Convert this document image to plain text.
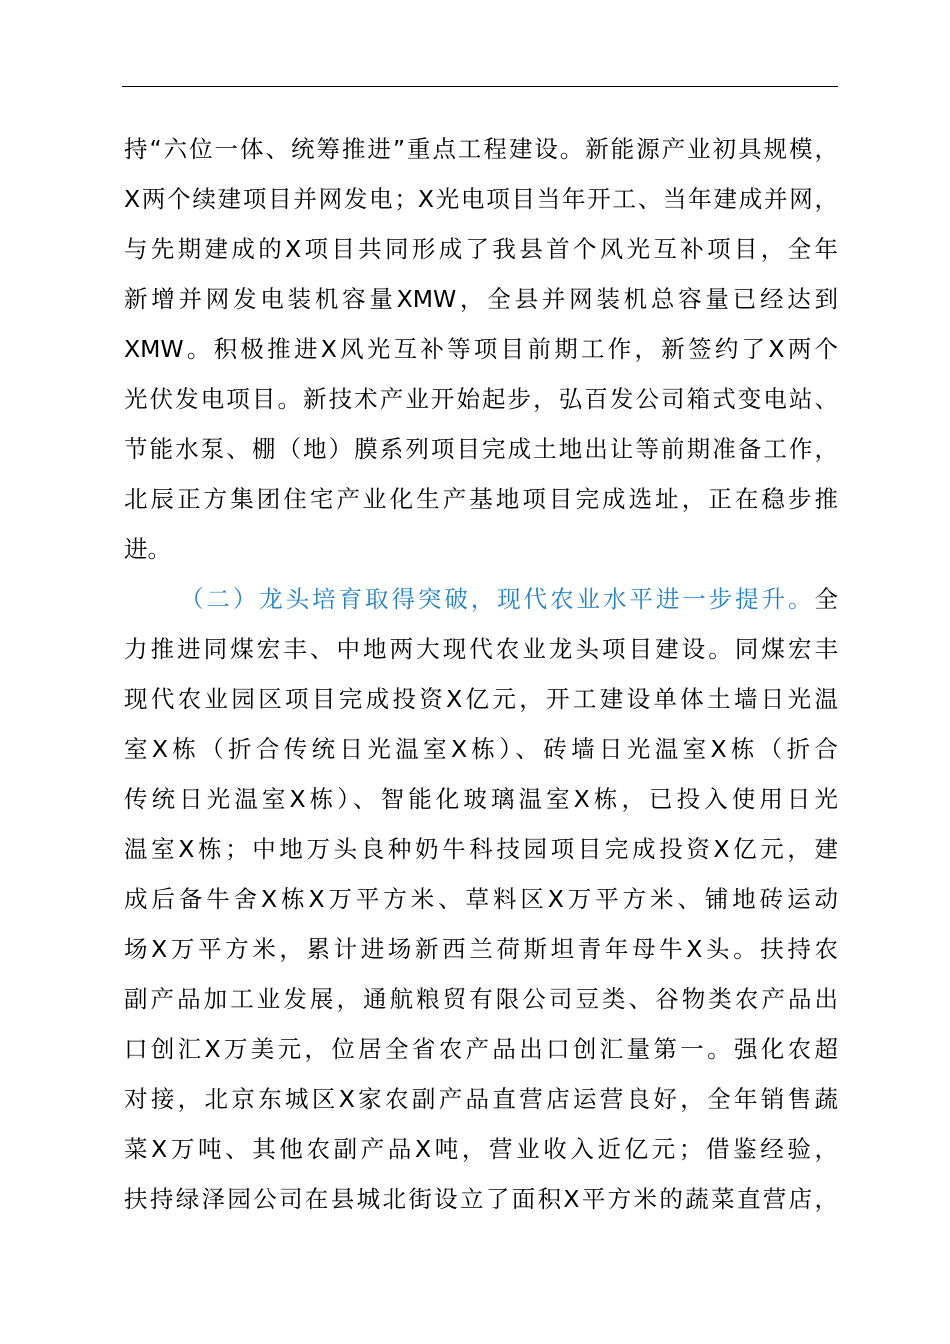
持“六位一体、统筹推进”重点工程建设。新能源产业初具规模，
X两个续建项目并网发电；X光电项目当年开工、当年建成并网，
与先期建成的X项目共同形成了我县首个风光互补项目，全年
新增并网发电装机容量XMW，全县并网装机总容量已经达到
XMW。积极推进X风光互补等项目前期工作，新签约了X两个
光伏发电项目。新技术产业开始起步，弘百发公司箱式变电站、
节能水泵、棚（地）膜系列项目完成土地出让等前期准备工作，
北辰正方集团住宅产业化生产基地项目完成选址，正在稳步推
进。
（二）龙头培育取得突破，现代农业水平进一步提升。全
力推进同煤宏丰、中地两大现代农业龙头项目建设。同煤宏丰
现代农业园区项目完成投资X亿元，开工建设单体土墙日光温
室X栋（折合传统日光温室X栋）、砖墙日光温室X栋（折合
传统日光温室X栋）、智能化玻璃温室X栋，已投入使用日光
温室X栋；中地万头良种奶牛科技园项目完成投资X亿元，建
成后备牛舍X栋X万平方米、草料区X万平方米、铺地砖运动
场X万平方米，累计进场新西兰荷斯坦青年母牛X头。扶持农
副产品加工业发展，通航粮贸有限公司豆类、谷物类农产品出
口创汇X万美元，位居全省农产品出口创汇量第一。强化农超
对接，北京东城区X家农副产品直营店运营良好，全年销售蔬
菜X万吨、其他农副产品X吨，营业收入近亿元；借鉴经验，
扶持绿泽园公司在县城北街设立了面积X平方米的蔬菜直营店，
